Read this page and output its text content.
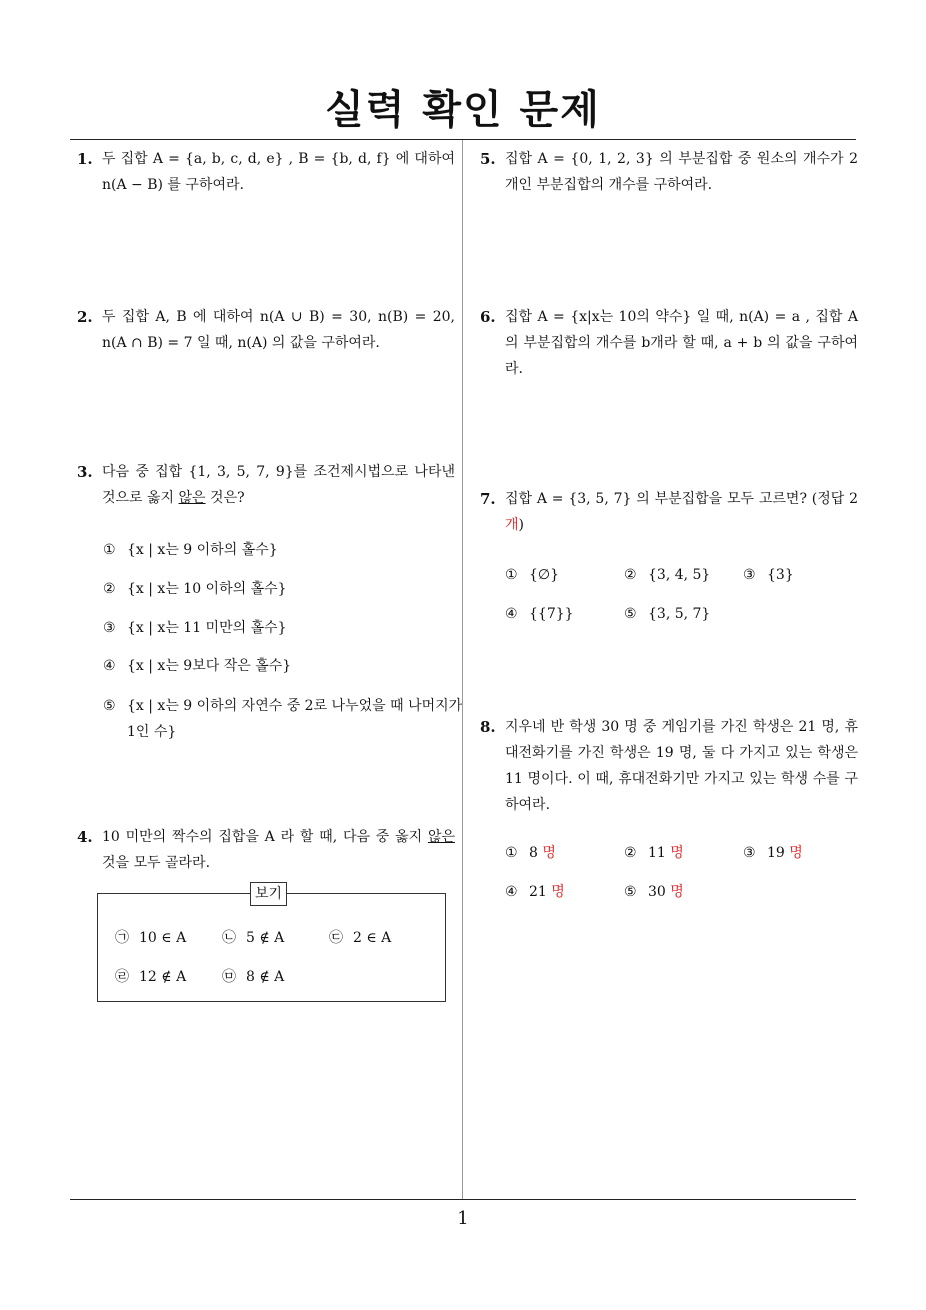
실력 확인 문제
1. 두 집합 A = {a, b, c, d, e} , B = {b, d, f} 에 대하여 n(A − B) 를 구하여라.
2. 두 집합 A, B 에 대하여 n(A ∪ B) = 30, n(B) = 20, n(A ∩ B) = 7 일 때, n(A) 의 값을 구하여라.
3. 다음 중 집합 {1, 3, 5, 7, 9}를 조건제시법으로 나타낸 것으로 옳지 않은 것은?
① {x | x는 9 이하의 홀수}
② {x | x는 10 이하의 홀수}
③ {x | x는 11 미만의 홀수}
④ {x | x는 9보다 작은 홀수}
⑤ {x | x는 9 이하의 자연수 중 2로 나누었을 때 나머지가 1인 수}
4. 10 미만의 짝수의 집합을 A 라 할 때, 다음 중 옳지 않은 것을 모두 골라라.
보기
㉠ 10 ∈ A	㉡ 5 ∉ A	㉢ 2 ∈ A
㉣ 12 ∉ A	㉤ 8 ∉ A
5. 집합 A = {0, 1, 2, 3} 의 부분집합 중 원소의 개수가 2 개인 부분집합의 개수를 구하여라.
6. 집합 A = {x|x는 10의 약수} 일 때, n(A) = a , 집합 A 의 부분집합의 개수를 b개라 할 때, a + b 의 값을 구하여라.
7. 집합 A = {3, 5, 7} 의 부분집합을 모두 고르면? (정답 2 개)
① {∅}	② {3, 4, 5} ③ {3}
④ {{7}}	⑤ {3, 5, 7}
8. 지우네 반 학생 30 명 중 게임기를 가진 학생은 21 명, 휴대전화기를 가진 학생은 19 명, 둘 다 가지고 있는 학생은 11 명이다. 이 때, 휴대전화기만 가지고 있는 학생 수를 구하여라.
① 8 명	② 11 명	③ 19 명
④ 21 명	⑤ 30 명
1
